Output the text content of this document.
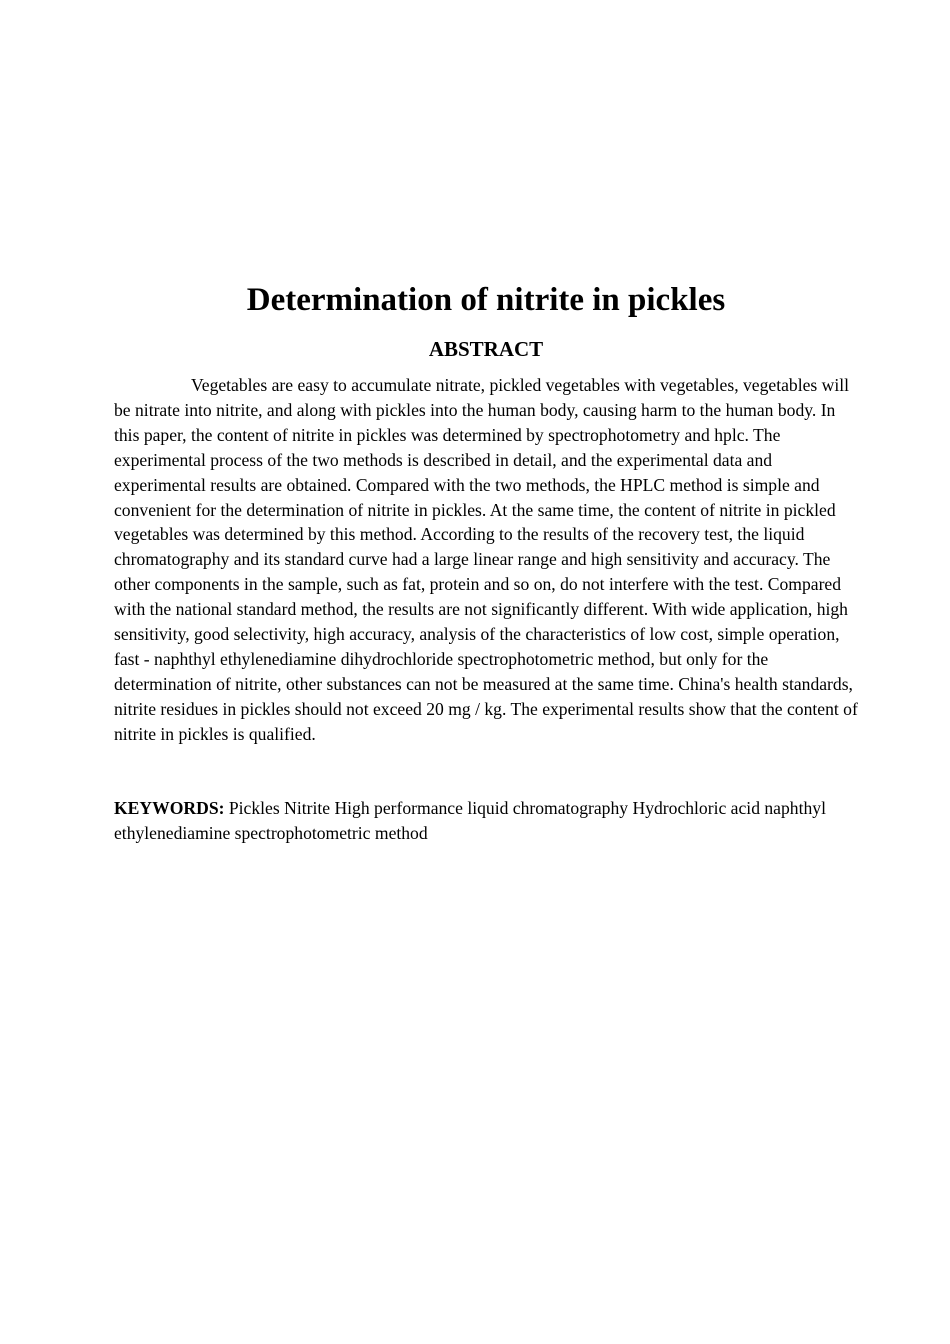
Determination of nitrite in pickles
ABSTRACT

Vegetables are easy to accumulate nitrate, pickled vegetables with vegetables, vegetables will be nitrate into nitrite, and along with pickles into the human body, causing harm to the human body. In this paper, the content of nitrite in pickles was determined by spectrophotometry and hplc. The experimental process of the two methods is described in detail, and the experimental data and experimental results are obtained. Compared with the two methods, the HPLC method is simple and convenient for the determination of nitrite in pickles. At the same time, the content of nitrite in pickled vegetables was determined by this method. According to the results of the recovery test, the liquid chromatography and its standard curve had a large linear range and high sensitivity and accuracy. The other components in the sample, such as fat, protein and so on, do not interfere with the test. Compared with the national standard method, the results are not significantly different. With wide application, high sensitivity, good selectivity, high accuracy, analysis of the characteristics of low cost, simple operation, fast - naphthyl ethylenediamine dihydrochloride spectrophotometric method, but only for the determination of nitrite, other substances can not be measured at the same time. China's health standards, nitrite residues in pickles should not exceed 20 mg / kg. The experimental results show that the content of nitrite in pickles is qualified.

KEYWORDS: Pickles Nitrite High performance liquid chromatography Hydrochloric acid naphthyl ethylenediamine spectrophotometric method
